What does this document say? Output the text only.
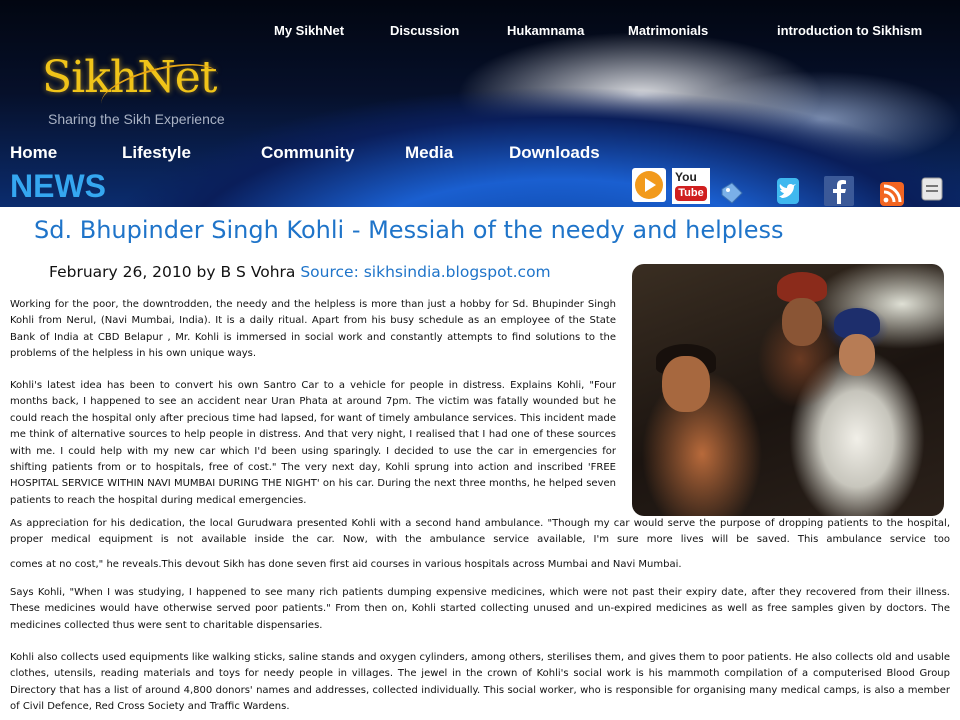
My SikhNet	Discussion	Hukamnama	Matrimonials	introduction to Sikhism
SikhNet
Sharing the Sikh Experience
Home	Lifestyle	Community	Media	Downloads
NEWS	You
Tube
Sd. Bhupinder Singh Kohli - Messiah of the needy and helpless
February 26, 2010 by B S Vohra Source: sikhsindia.blogspot.com

Working for the poor, the downtrodden, the needy and the helpless is more than just a hobby for Sd. Bhupinder Singh Kohli from Nerul, (Navi Mumbai, India). It is a daily ritual. Apart from his busy schedule as an employee of the State Bank of India at CBD Belapur , Mr. Kohli is immersed in social work and constantly attempts to find solutions to the problems of the helpless in his own unique ways.

Kohli's latest idea has been to convert his own Santro Car to a vehicle for people in distress. Explains Kohli, "Four months back, I happened to see an accident near Uran Phata at around 7pm. The victim was fatally wounded but he could reach the hospital only after precious time had lapsed, for want of timely ambulance services. This incident made me think of alternative sources to help people in distress. And that very night, I realised that I had one of these sources with me. I could help with my new car which I'd been using sparingly. I decided to use the car in emergencies for shifting patients from or to hospitals, free of cost." The very next day, Kohli sprung into action and inscribed 'FREE HOSPITAL SERVICE WITHIN NAVI MUMBAI DURING THE NIGHT' on his car. During the next three months, he helped seven patients to reach the hospital during medical emergencies.

As appreciation for his dedication, the local Gurudwara presented Kohli with a second hand ambulance. "Though my car would serve the purpose of dropping patients to the hospital, proper medical equipment is not available inside the car. Now, with the ambulance service available, I'm sure more lives will be saved. This ambulance service too

comes at no cost," he reveals.This devout Sikh has done seven first aid courses in various hospitals across Mumbai and Navi Mumbai.

Says Kohli, "When I was studying, I happened to see many rich patients dumping expensive medicines, which were not past their expiry date, after they recovered from their illness. These medicines would have otherwise served poor patients." From then on, Kohli started collecting unused and un-expired medicines as well as free samples given by doctors. The medicines collected thus were sent to charitable dispensaries.

Kohli also collects used equipments like walking sticks, saline stands and oxygen cylinders, among others, sterilises them, and gives them to poor patients. He also collects old and usable clothes, utensils, reading materials and toys for needy people in villages. The jewel in the crown of Kohli's social work is his mammoth compilation of a computerised Blood Group Directory that has a list of around 4,800 donors' names and addresses, collected individually. This social worker, who is responsible for organising many medical camps, is also a member of Civil Defence, Red Cross Society and Traffic Wardens.
